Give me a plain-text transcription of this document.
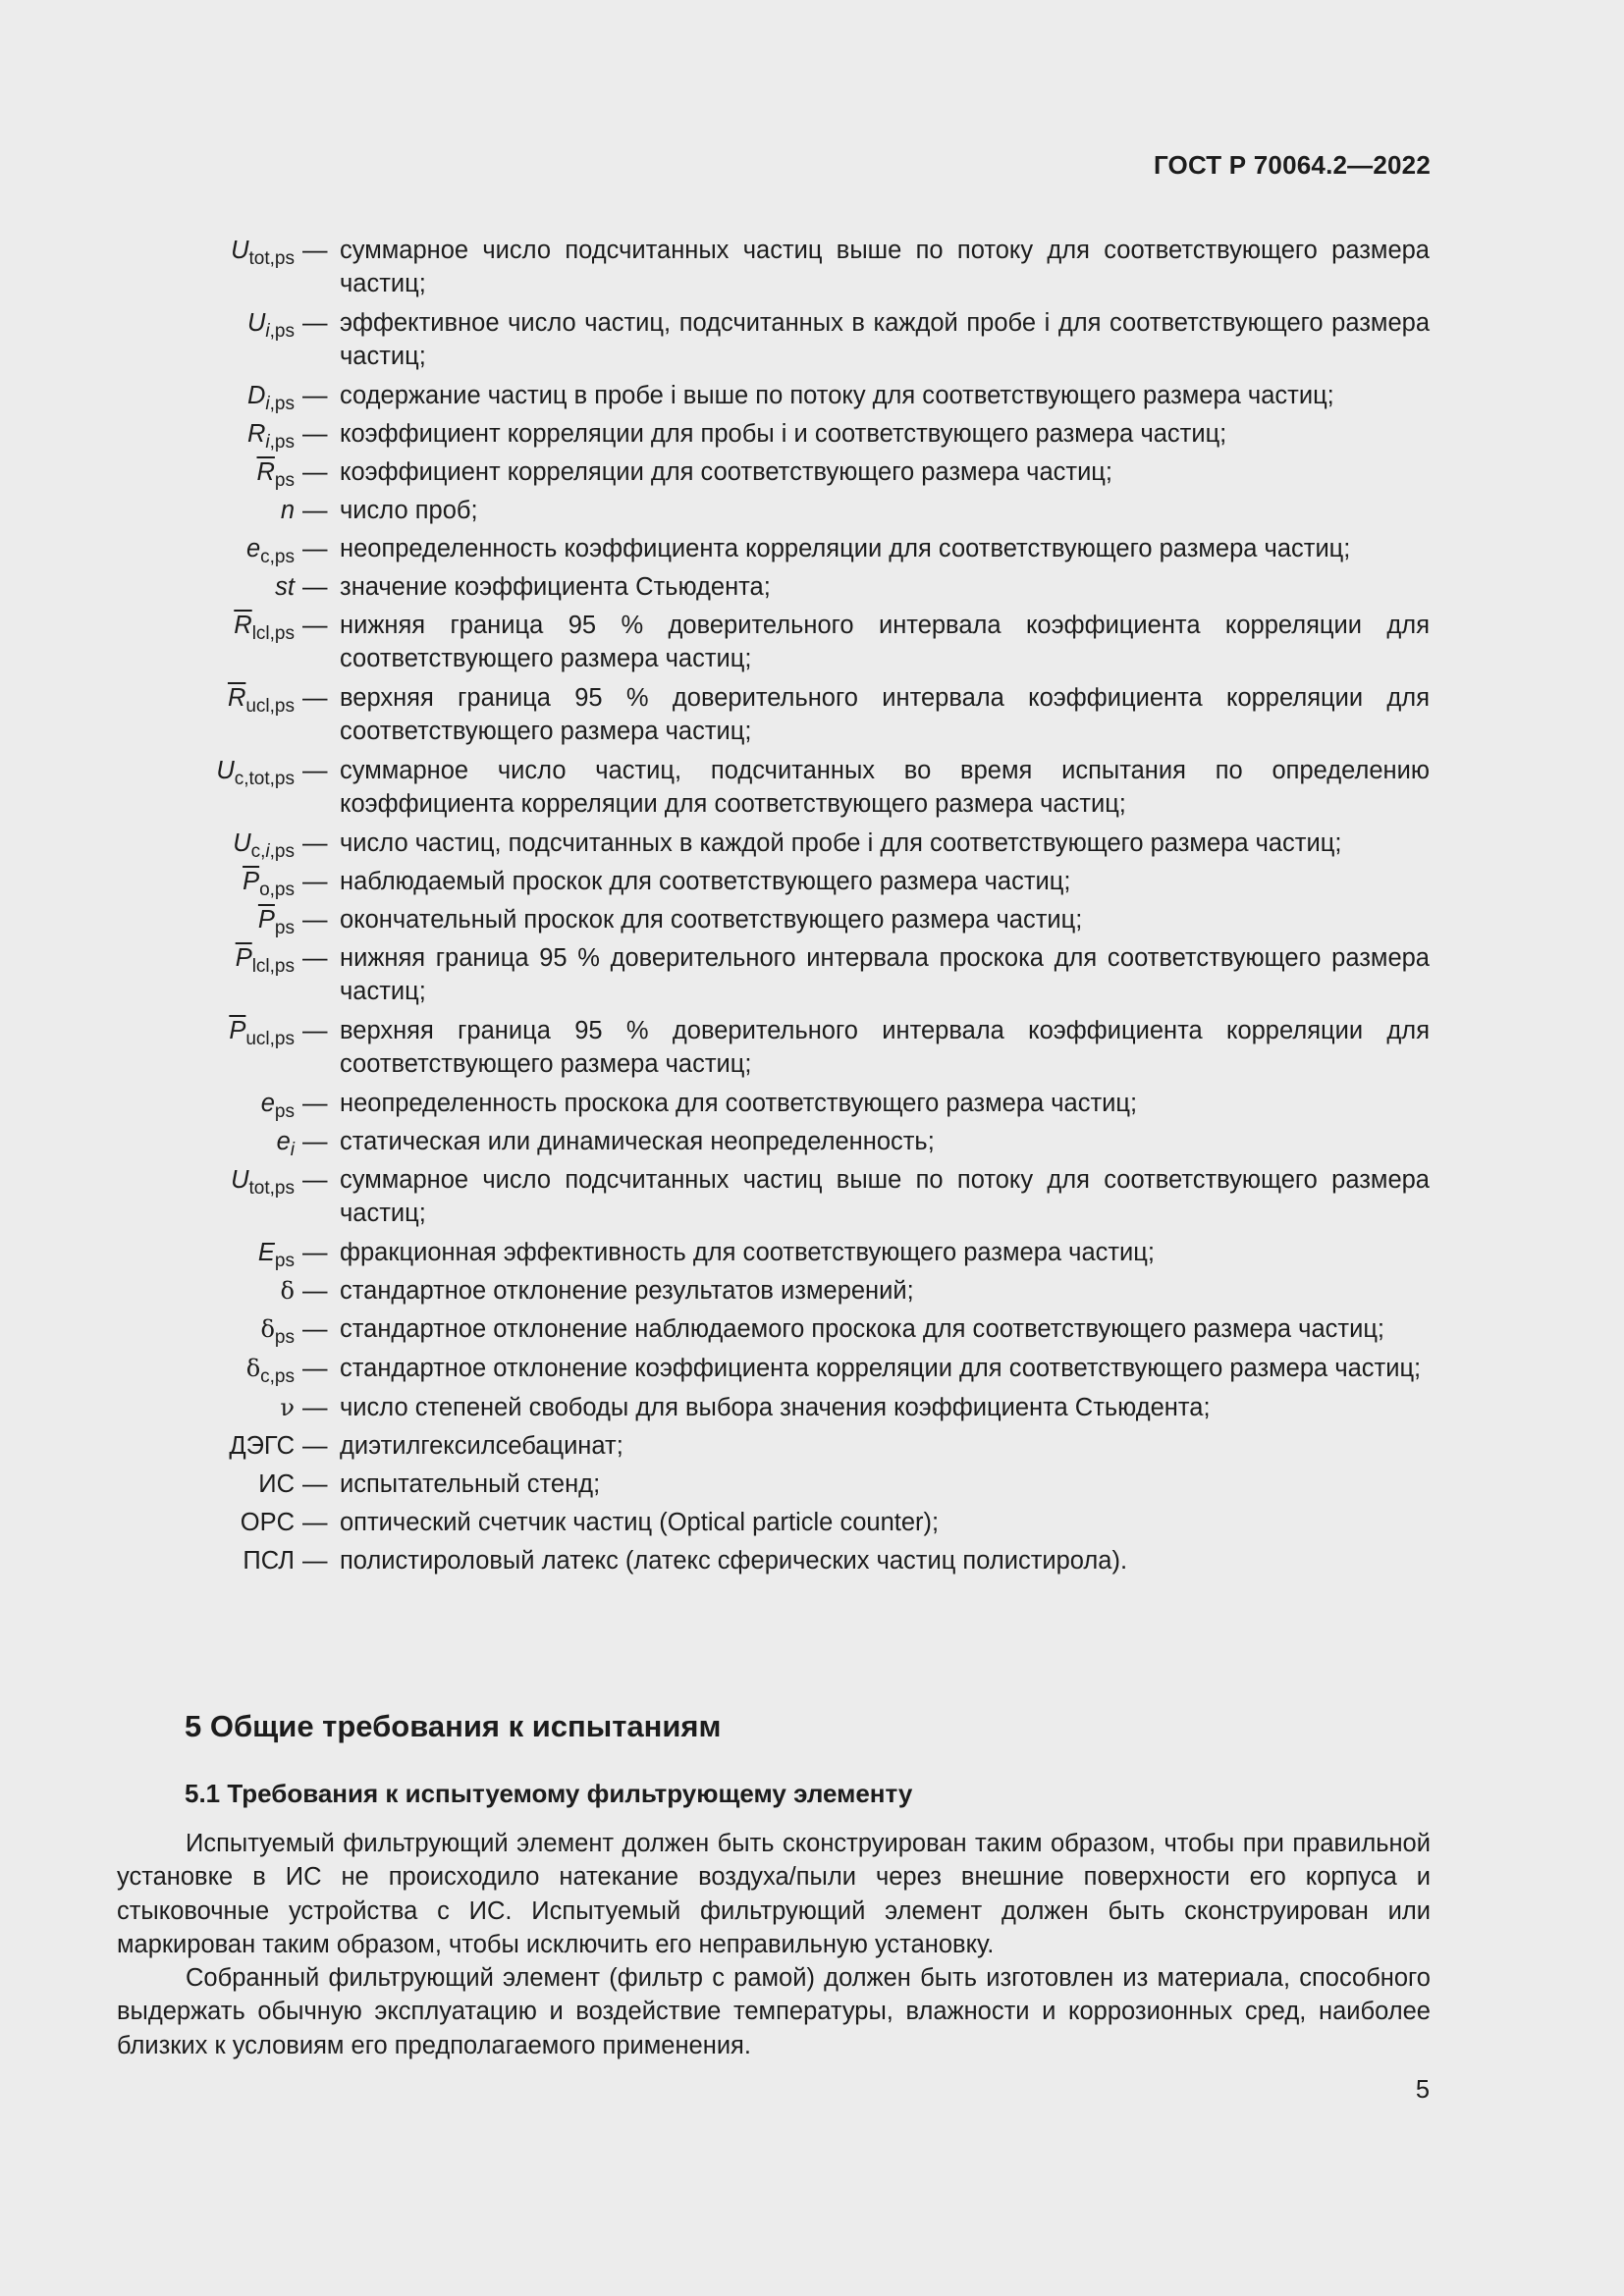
ГОСТ Р 70064.2—2022
$U_{tot,ps}$ — суммарное число подсчитанных частиц выше по потоку для соответствующего размера частиц;
$U_{i,ps}$ — эффективное число частиц, подсчитанных в каждой пробе i для соответствующего размера частиц;
$D_{i,ps}$ — содержание частиц в пробе i выше по потоку для соответствующего размера частиц;
$R_{i,ps}$ — коэффициент корреляции для пробы i и соответствующего размера частиц;
$\overline{R}_{ps}$ — коэффициент корреляции для соответствующего размера частиц;
n — число проб;
$e_{c,ps}$ — неопределенность коэффициента корреляции для соответствующего размера частиц;
st — значение коэффициента Стьюдента;
$\overline{R}_{lcl,ps}$ — нижняя граница 95 % доверительного интервала коэффициента корреляции для соответствующего размера частиц;
$\overline{R}_{ucl,ps}$ — верхняя граница 95 % доверительного интервала коэффициента корреляции для соответствующего размера частиц;
$U_{c,tot,ps}$ — суммарное число частиц, подсчитанных во время испытания по определению коэффициента корреляции для соответствующего размера частиц;
$U_{c,i,ps}$ — число частиц, подсчитанных в каждой пробе i для соответствующего размера частиц;
$\overline{P}_{o,ps}$ — наблюдаемый проскок для соответствующего размера частиц;
$\overline{P}_{ps}$ — окончательный проскок для соответствующего размера частиц;
$\overline{P}_{lcl,ps}$ — нижняя граница 95 % доверительного интервала проскока для соответствующего размера частиц;
$\overline{P}_{ucl,ps}$ — верхняя граница 95 % доверительного интервала коэффициента корреляции для соответствующего размера частиц;
$e_{ps}$ — неопределенность проскока для соответствующего размера частиц;
$e_i$ — статическая или динамическая неопределенность;
$U_{tot,ps}$ — суммарное число подсчитанных частиц выше по потоку для соответствующего размера частиц;
$E_{ps}$ — фракционная эффективность для соответствующего размера частиц;
δ — стандартное отклонение результатов измерений;
$\delta_{ps}$ — стандартное отклонение наблюдаемого проскока для соответствующего размера частиц;
$\delta_{c,ps}$ — стандартное отклонение коэффициента корреляции для соответствующего размера частиц;
ν — число степеней свободы для выбора значения коэффициента Стьюдента;
ДЭГС — диэтилгексилсебацинат;
ИС — испытательный стенд;
OPC — оптический счетчик частиц (Optical particle counter);
ПСЛ — полистироловый латекс (латекс сферических частиц полистирола).
5 Общие требования к испытаниям
5.1 Требования к испытуемому фильтрующему элементу

Испытуемый фильтрующий элемент должен быть сконструирован таким образом, чтобы при правильной установке в ИС не происходило натекание воздуха/пыли через внешние поверхности его корпуса и стыковочные устройства с ИС. Испытуемый фильтрующий элемент должен быть сконструирован или маркирован таким образом, чтобы исключить его неправильную установку.

Собранный фильтрующий элемент (фильтр с рамой) должен быть изготовлен из материала, способного выдержать обычную эксплуатацию и воздействие температуры, влажности и коррозионных сред, наиболее близких к условиям его предполагаемого применения.

5
